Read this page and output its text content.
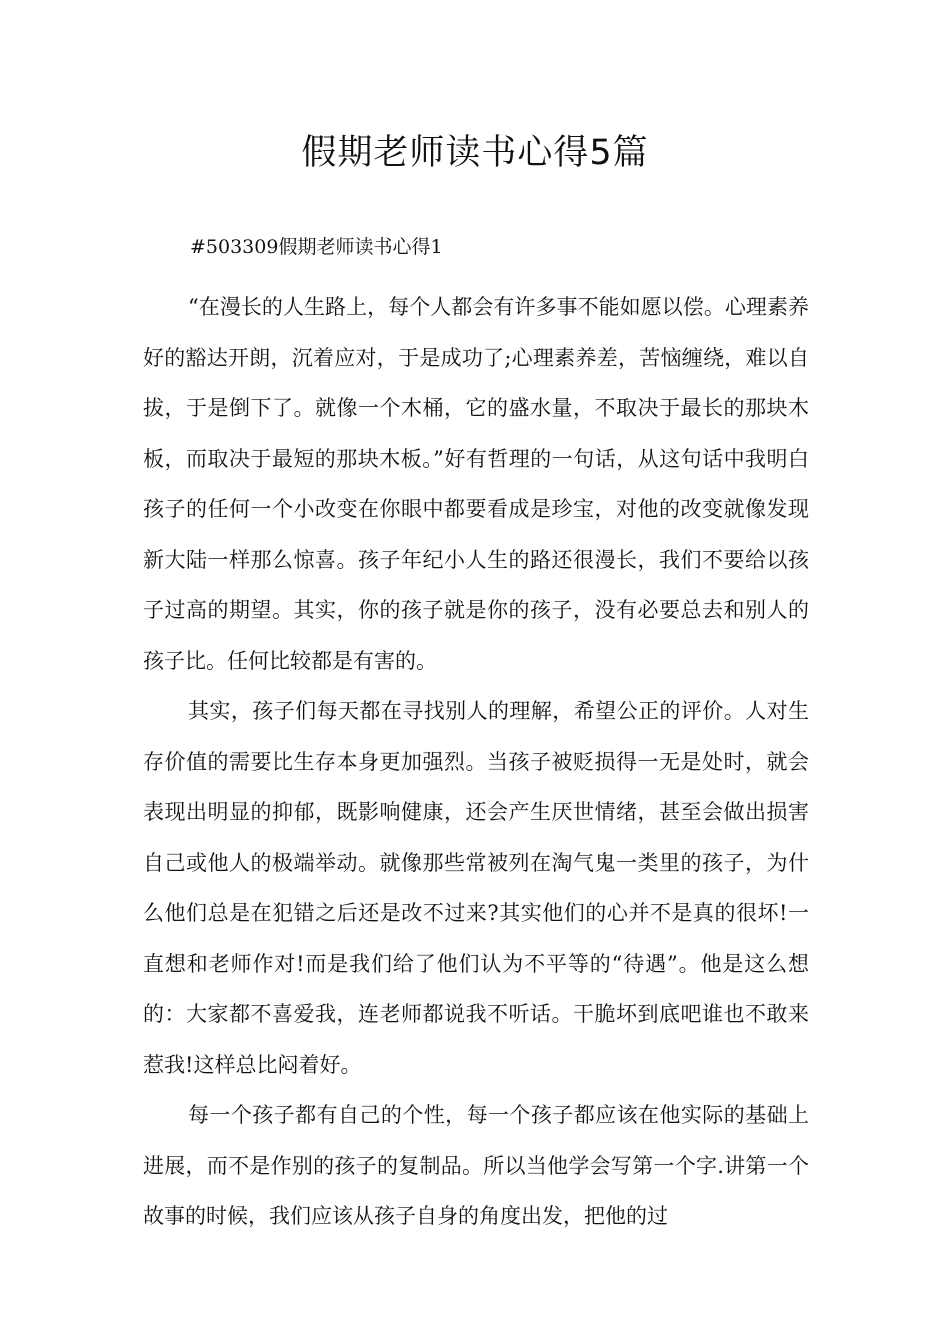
假期老师读书心得5篇

#503309假期老师读书心得1

“在漫长的人生路上，每个人都会有许多事不能如愿以偿。心理素养好的豁达开朗，沉着应对，于是成功了;心理素养差，苦恼缠绕，难以自拔，于是倒下了。就像一个木桶，它的盛水量，不取决于最长的那块木板，而取决于最短的那块木板。”好有哲理的一句话，从这句话中我明白孩子的任何一个小改变在你眼中都要看成是珍宝，对他的改变就像发现新大陆一样那么惊喜。孩子年纪小人生的路还很漫长，我们不要给以孩子过高的期望。其实，你的孩子就是你的孩子，没有必要总去和别人的孩子比。任何比较都是有害的。

其实，孩子们每天都在寻找别人的理解，希望公正的评价。人对生存价值的需要比生存本身更加强烈。当孩子被贬损得一无是处时，就会表现出明显的抑郁，既影响健康，还会产生厌世情绪，甚至会做出损害自己或他人的极端举动。就像那些常被列在淘气鬼一类里的孩子，为什么他们总是在犯错之后还是改不过来?其实他们的心并不是真的很坏!一直想和老师作对!而是我们给了他们认为不平等的“待遇”。他是这么想的：大家都不喜爱我，连老师都说我不听话。干脆坏到底吧谁也不敢来惹我!这样总比闷着好。

每一个孩子都有自己的个性，每一个孩子都应该在他实际的基础上进展，而不是作别的孩子的复制品。所以当他学会写第一个字.讲第一个故事的时候，我们应该从孩子自身的角度出发，把他的过
